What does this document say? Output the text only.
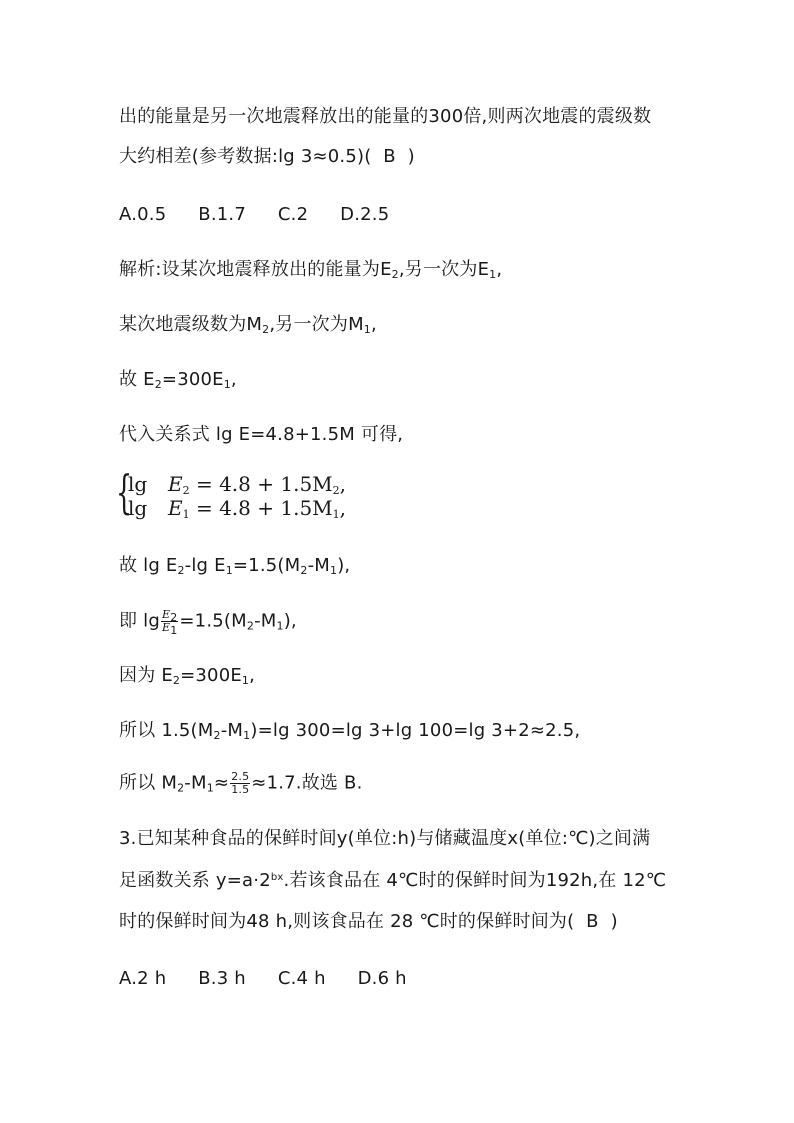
出的能量是另一次地震释放出的能量的300倍,则两次地震的震级数
大约相差(参考数据:lg 3≈0.5)(  B  )
A.0.5 B.1.7 C.2 D.2.5
解析:设某次地震释放出的能量为$E_2$,另一次为$E_1$,
某次地震级数为$M_2$,另一次为$M_1$,
故 $E_2=300E_1$,
代入关系式 lg E=4.8+1.5M 可得,
{
$\lg E_2 = 4.8 + 1.5M_2$,
$\lg E_1 = 4.8 + 1.5M_1$,
故 $\lg E_2-\lg$ $E_1=1.5(M_2-M_1)$,
即 $\lg \frac{E_2}{E_1} =1.5(M_2-M_1)$,
因为 $E_2=300E_1$,
所以 $1.5(M_2-M_1)=\lg$ 300=lg 3+lg 100=lg 3+2≈2.5,
所以 $M_2-M_1\approx \frac{2.5}{1.5} \approx 1.7$.故选 B.
3.已知某种食品的保鲜时间y(单位:h)与储藏温度x(单位:℃)之间满
足函数关系 $y=a\cdot 2^{bx}$.若该食品在 4℃时的保鲜时间为192h,在 12℃
时的保鲜时间为48 h,则该食品在 28 ℃时的保鲜时间为(  B  )
A.2 h B.3 h C.4 h D.6 h
